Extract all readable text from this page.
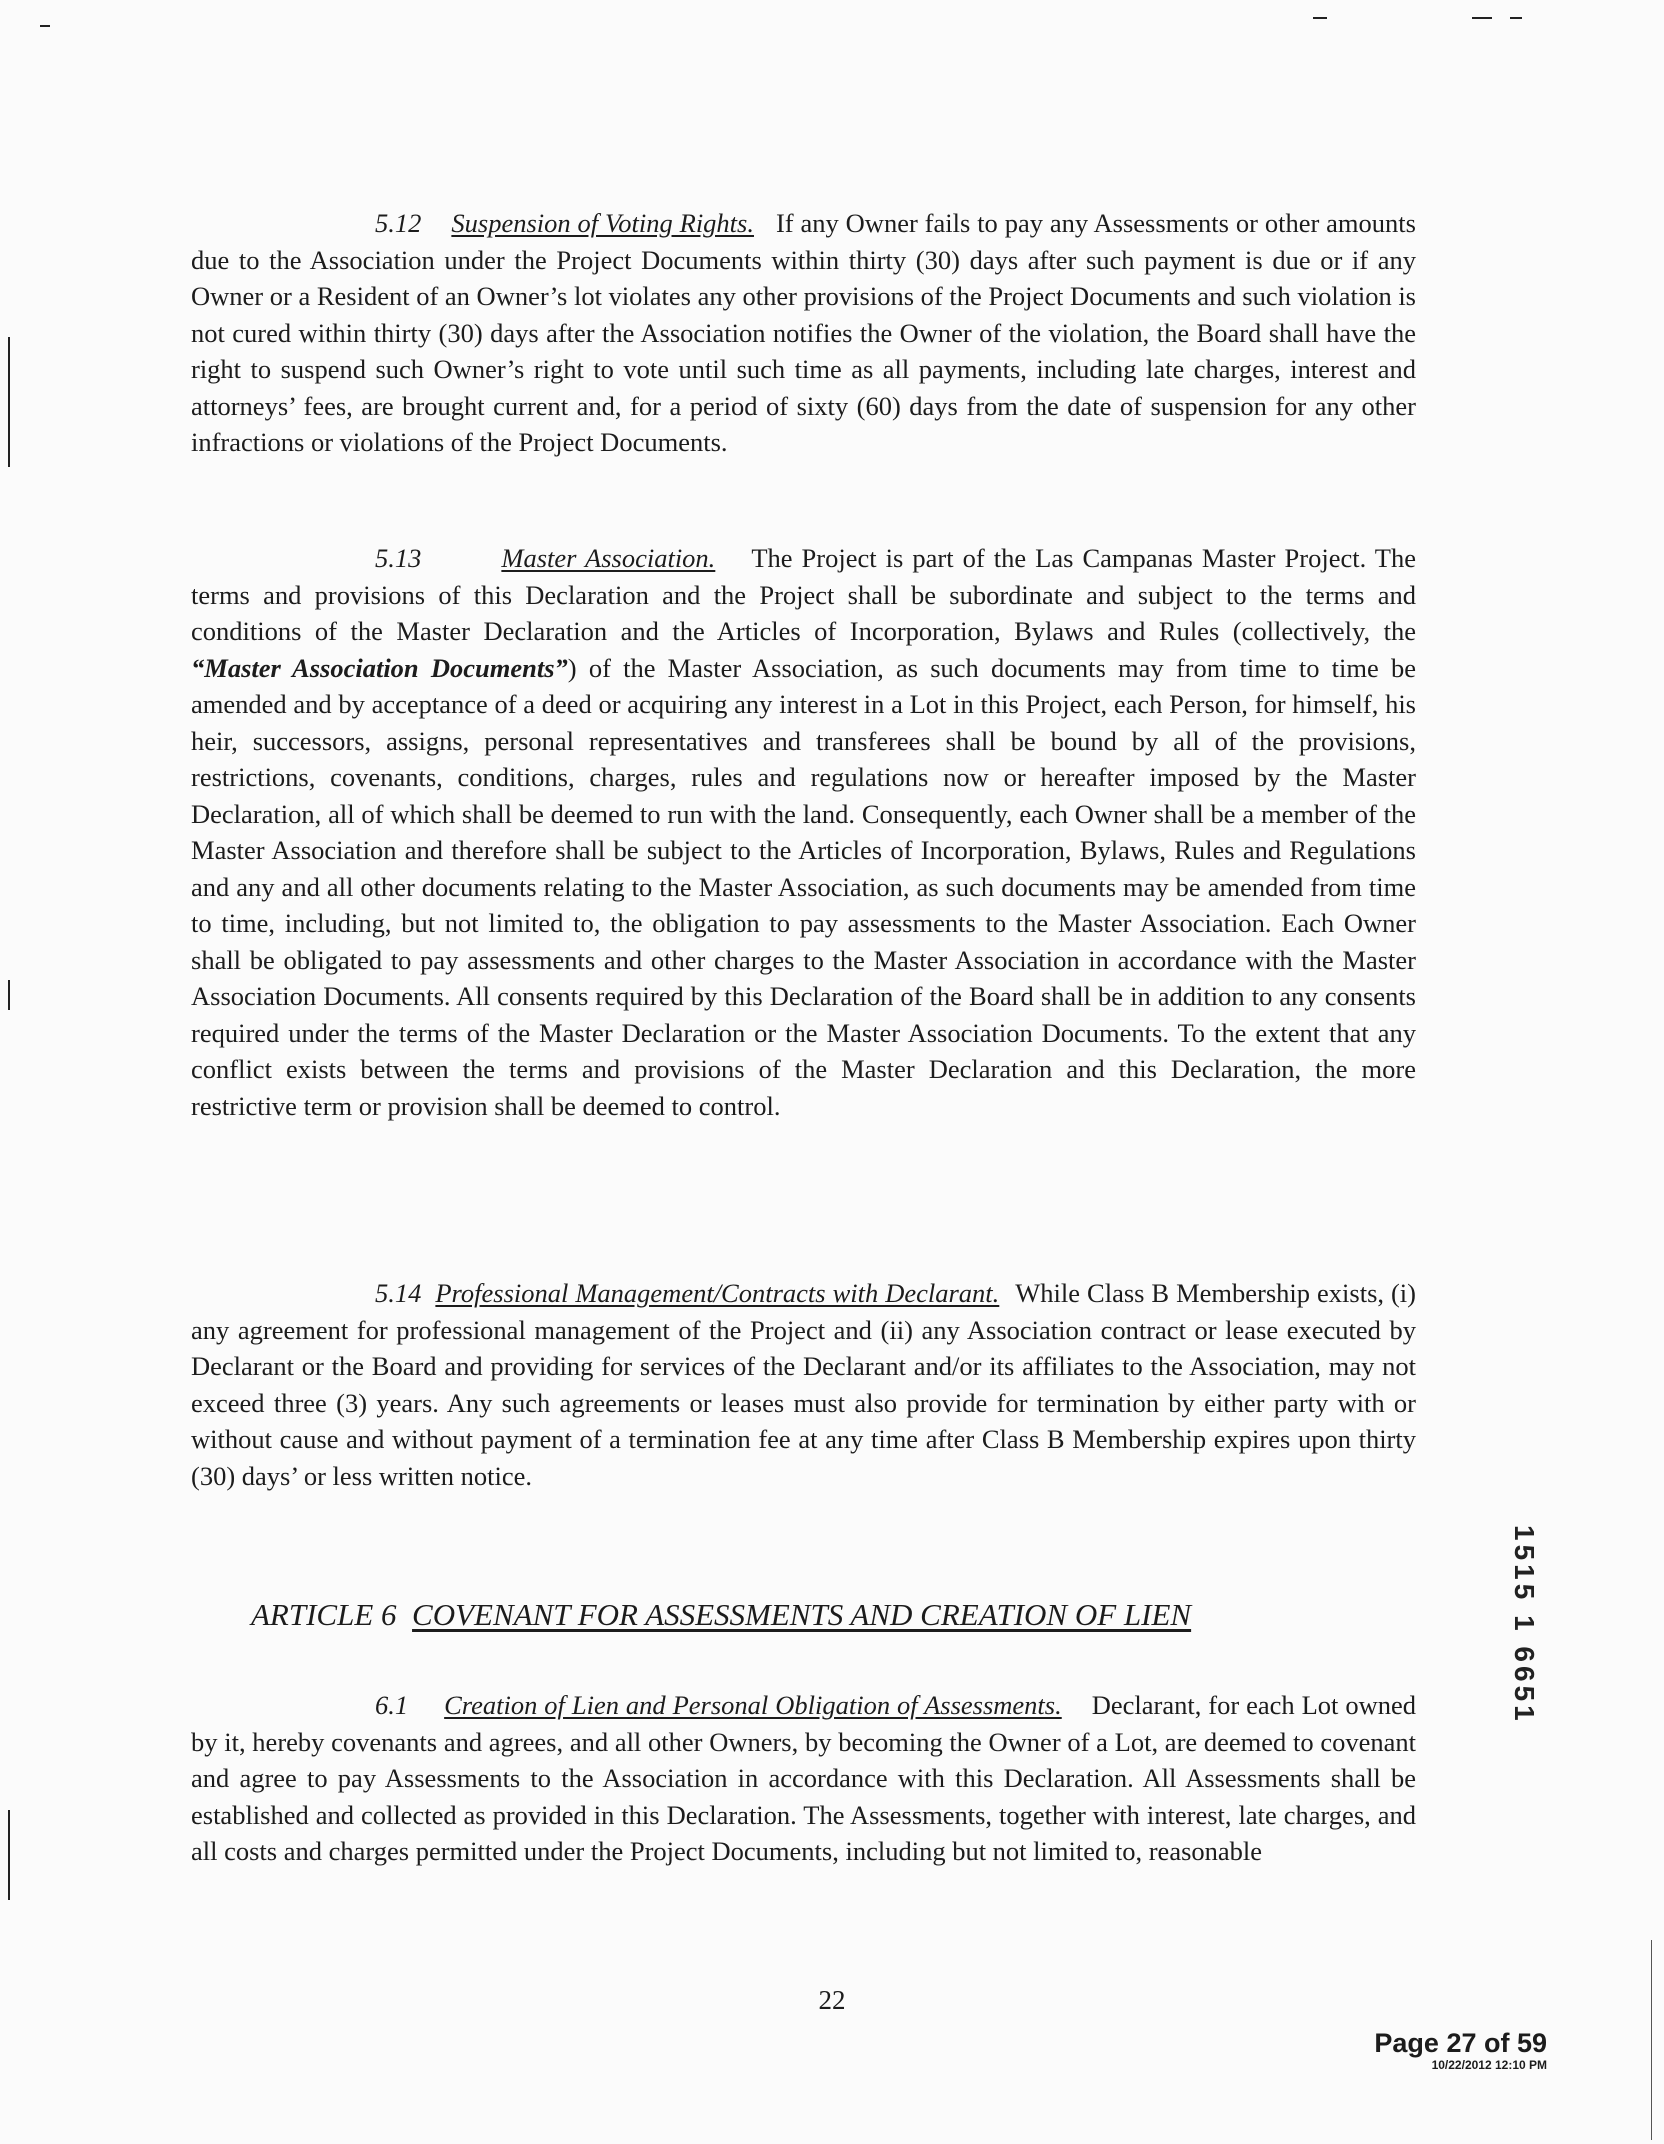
5.12 Suspension of Voting Rights. If any Owner fails to pay any Assessments or other amounts due to the Association under the Project Documents within thirty (30) days after such payment is due or if any Owner or a Resident of an Owner’s lot violates any other provisions of the Project Documents and such violation is not cured within thirty (30) days after the Association notifies the Owner of the violation, the Board shall have the right to suspend such Owner’s right to vote until such time as all payments, including late charges, interest and attorneys’ fees, are brought current and, for a period of sixty (60) days from the date of suspension for any other infractions or violations of the Project Documents.

5.13	Master Association. The Project is part of the Las Campanas Master Project. The terms and provisions of this Declaration and the Project shall be subordinate and subject to the terms and conditions of the Master Declaration and the Articles of Incorporation, Bylaws and Rules (collectively, the “Master Association Documents”) of the Master Association, as such documents may from time to time be amended and by acceptance of a deed or acquiring any interest in a Lot in this Project, each Person, for himself, his heir, successors, assigns, personal representatives and transferees shall be bound by all of the provisions, restrictions, covenants, conditions, charges, rules and regulations now or hereafter imposed by the Master Declaration, all of which shall be deemed to run with the land. Consequently, each Owner shall be a member of the Master Association and therefore shall be subject to the Articles of Incorporation, Bylaws, Rules and Regulations and any and all other documents relating to the Master Association, as such documents may be amended from time to time, including, but not limited to, the obligation to pay assessments to the Master Association. Each Owner shall be obligated to pay assessments and other charges to the Master Association in accordance with the Master Association Documents. All consents required by this Declaration of the Board shall be in addition to any consents required under the terms of the Master Declaration or the Master Association Documents. To the extent that any conflict exists between the terms and provisions of the Master Declaration and this Declaration, the more restrictive term or provision shall be deemed to control.

5.14 Professional Management/Contracts with Declarant. While Class B Membership exists, (i) any agreement for professional management of the Project and (ii) any Association contract or lease executed by Declarant or the Board and providing for services of the Declarant and/or its affiliates to the Association, may not exceed three (3) years. Any such agreements or leases must also provide for termination by either party with or without cause and without payment of a termination fee at any time after Class B Membership expires upon thirty (30) days’ or less written notice.

ARTICLE 6 COVENANT FOR ASSESSMENTS AND CREATION OF LIEN

6.1 Creation of Lien and Personal Obligation of Assessments. Declarant, for each Lot owned by it, hereby covenants and agrees, and all other Owners, by becoming the Owner of a Lot, are deemed to covenant and agree to pay Assessments to the Association in accordance with this Declaration. All Assessments shall be established and collected as provided in this Declaration. The Assessments, together with interest, late charges, and all costs and charges permitted under the Project Documents, including but not limited to, reasonable

22
Page 27 of 59
10/22/2012 12:10 PM
1515 1 6651
